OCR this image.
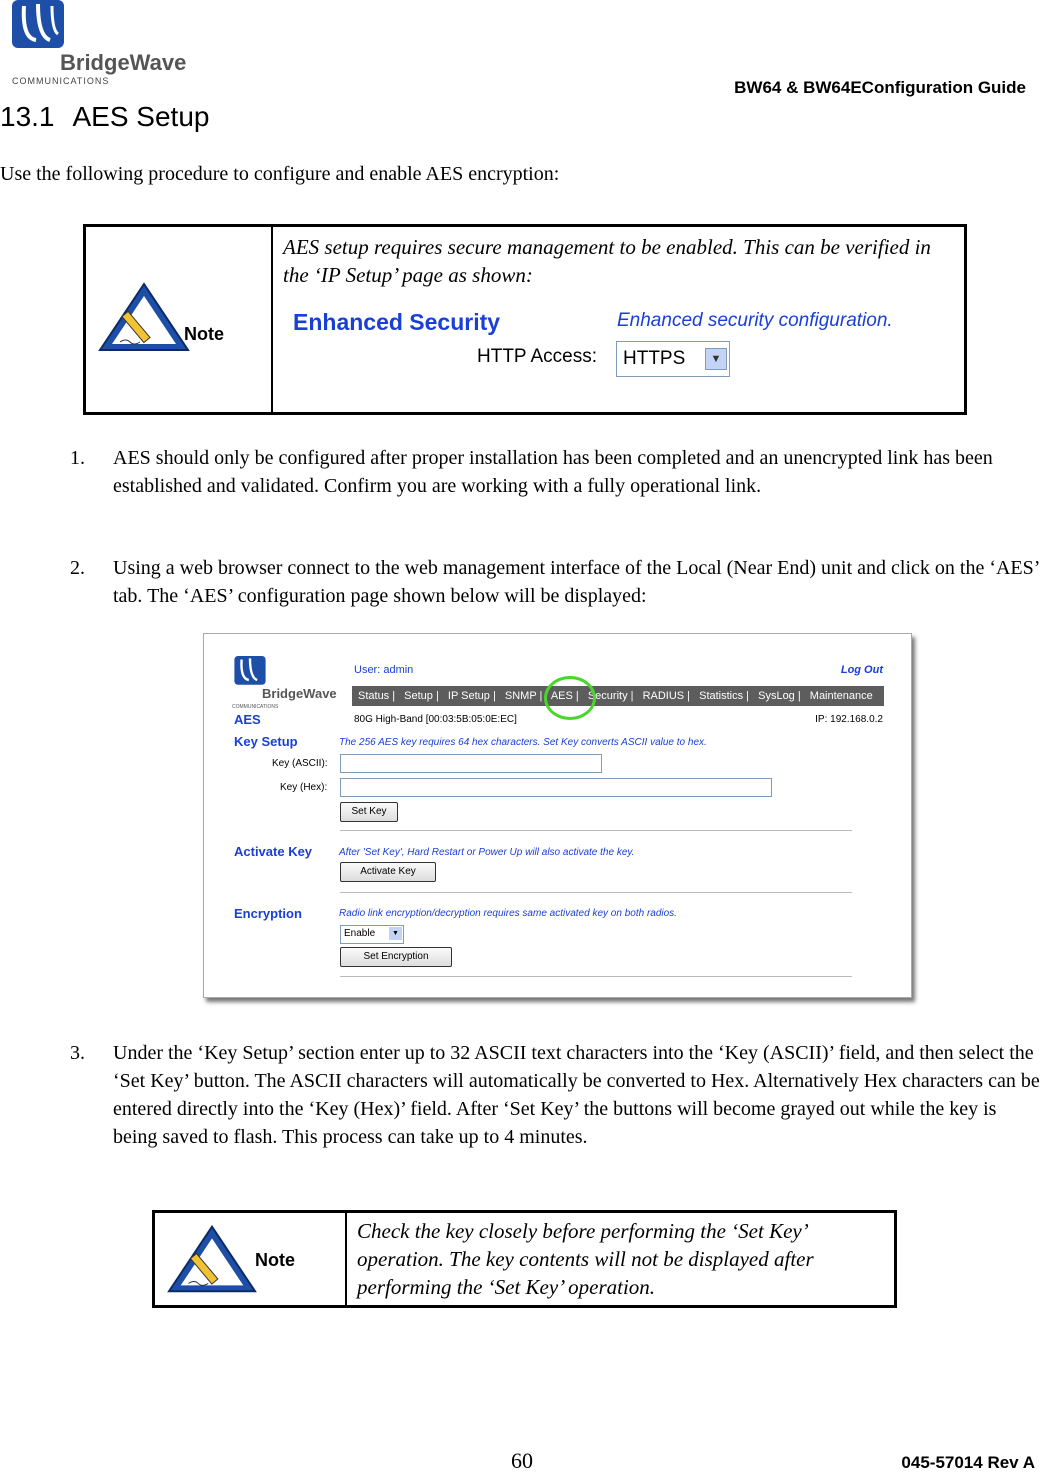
BridgeWave
COMMUNICATIONS	BW64 & BW64EConfiguration Guide
13.1 AES Setup
Use the following procedure to configure and enable AES encryption:
Note

AES setup requires secure management to be enabled. This can be verified in the ‘IP Setup’ page as shown:
Enhanced Security	Enhanced security configuration.
HTTP Access: HTTPS	▼
1. AES should only be configured after proper installation has been completed and an unencrypted link has been established and validated. Confirm you are working with a fully operational link.
2. Using a web browser connect to the web management interface of the Local (Near End) unit and click on the ‘AES’ tab. The ‘AES’ configuration page shown below will be displayed:
BridgeWave
COMMUNICATIONS
User: admin	Log Out
Status | Setup | IP Setup | SNMP | AES | Security | RADIUS | Statistics | SysLog | Maintenance
AES	80G High-Band [00:03:5B:05:0E:EC]	IP: 192.168.0.2
Key Setup	The 256 AES key requires 64 hex characters. Set Key converts ASCII value to hex.
Key (ASCII):
Key (Hex):
Set Key
Activate Key	After 'Set Key', Hard Restart or Power Up will also activate the key.
Activate Key
Encryption	Radio link encryption/decryption requires same activated key on both radios.
Enable	▼
Set Encryption
3. Under the ‘Key Setup’ section enter up to 32 ASCII text characters into the ‘Key (ASCII)’ field, and then select the ‘Set Key’ button. The ASCII characters will automatically be converted to Hex. Alternatively Hex characters can be entered directly into the ‘Key (Hex)’ field. After ‘Set Key’ the buttons will become grayed out while the key is being saved to flash. This process can take up to 4 minutes.
Note

Check the key closely before performing the ‘Set Key’ operation. The key contents will not be displayed after performing the ‘Set Key’ operation.
60	045-57014 Rev A
